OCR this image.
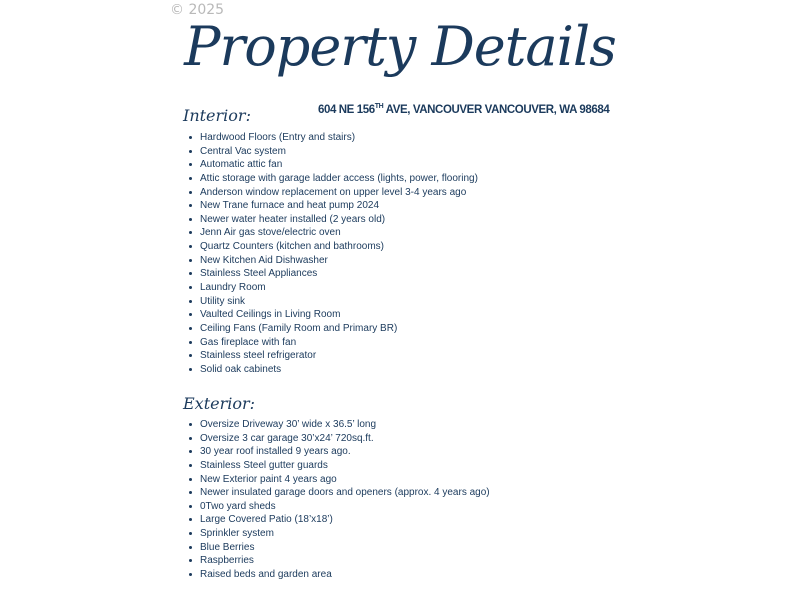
© 2025
Property Details
604 NE 156TH AVE, VANCOUVER VANCOUVER, WA 98684
Interior:
Hardwood Floors (Entry and stairs)
Central Vac system
Automatic attic fan
Attic storage with garage ladder access (lights, power, flooring)
Anderson window replacement on upper level 3-4 years ago
New Trane furnace and heat pump 2024
Newer water heater installed (2 years old)
Jenn Air gas stove/electric oven
Quartz Counters (kitchen and bathrooms)
New Kitchen Aid Dishwasher
Stainless Steel Appliances
Laundry Room
Utility sink
Vaulted Ceilings in Living Room
Ceiling Fans (Family Room and Primary BR)
Gas fireplace with fan
Stainless steel refrigerator
Solid oak cabinets
Exterior:
Oversize Driveway 30’ wide x 36.5’ long
Oversize 3 car garage 30’x24’ 720sq.ft.
30 year roof installed 9 years ago.
Stainless Steel gutter guards
New Exterior paint 4 years ago
Newer insulated garage doors and openers (approx. 4 years ago)
0Two yard sheds
Large Covered Patio (18’x18’)
Sprinkler system
Blue Berries
Raspberries
Raised beds and garden area
